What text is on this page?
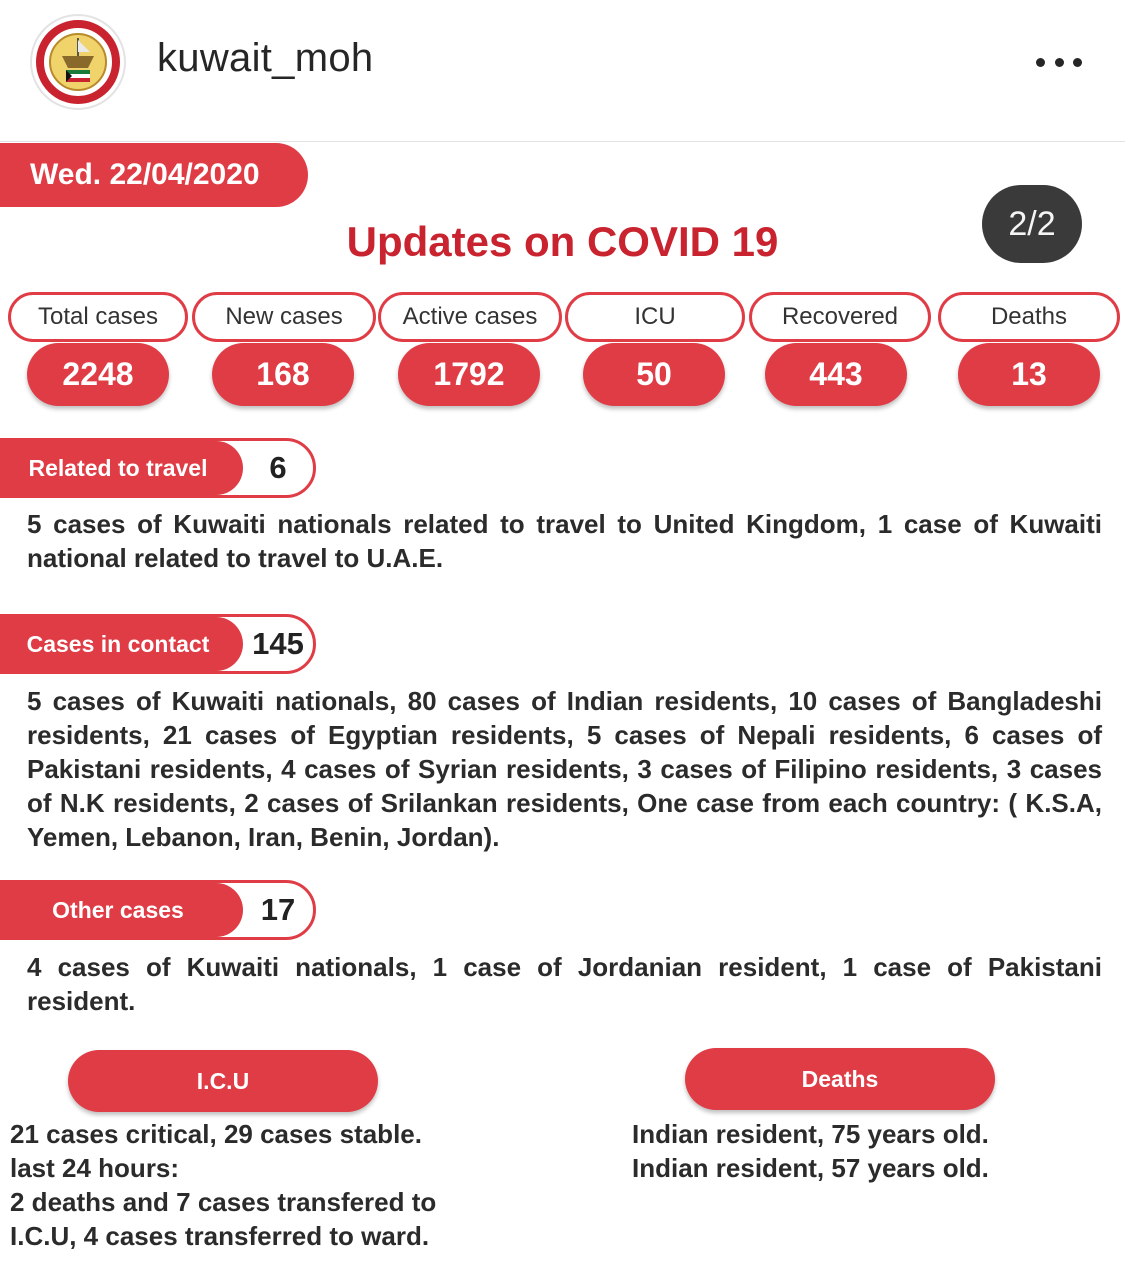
kuwait_moh
Wed. 22/04/2020
Updates on COVID 19	2/2
Total cases
2248
New cases
168
Active cases
1792
ICU
50
Recovered
443
Deaths
13
Related to travel	6

5 cases of Kuwaiti nationals related to travel to United Kingdom, 1 case of Kuwaiti national related to travel to U.A.E.

Cases in contact	145

5 cases of Kuwaiti nationals, 80 cases of Indian residents, 10 cases of Bangladeshi residents, 21 cases of Egyptian residents, 5 cases of Nepali residents, 6 cases of Pakistani residents, 4 cases of Syrian residents, 3 cases of Filipino residents, 3 cases of N.K residents, 2 cases of Srilankan residents, One case from each country: ( K.S.A, Yemen, Lebanon, Iran, Benin, Jordan).

Other cases	17

4 cases of Kuwaiti nationals, 1 case of Jordanian resident, 1 case of Pakistani resident.

I.C.U	Deaths

21 cases critical, 29 cases stable.

last 24 hours:

2 deaths and 7 cases transfered to

I.C.U, 4 cases transferred to ward.

Indian resident, 75 years old.

Indian resident, 57 years old.
